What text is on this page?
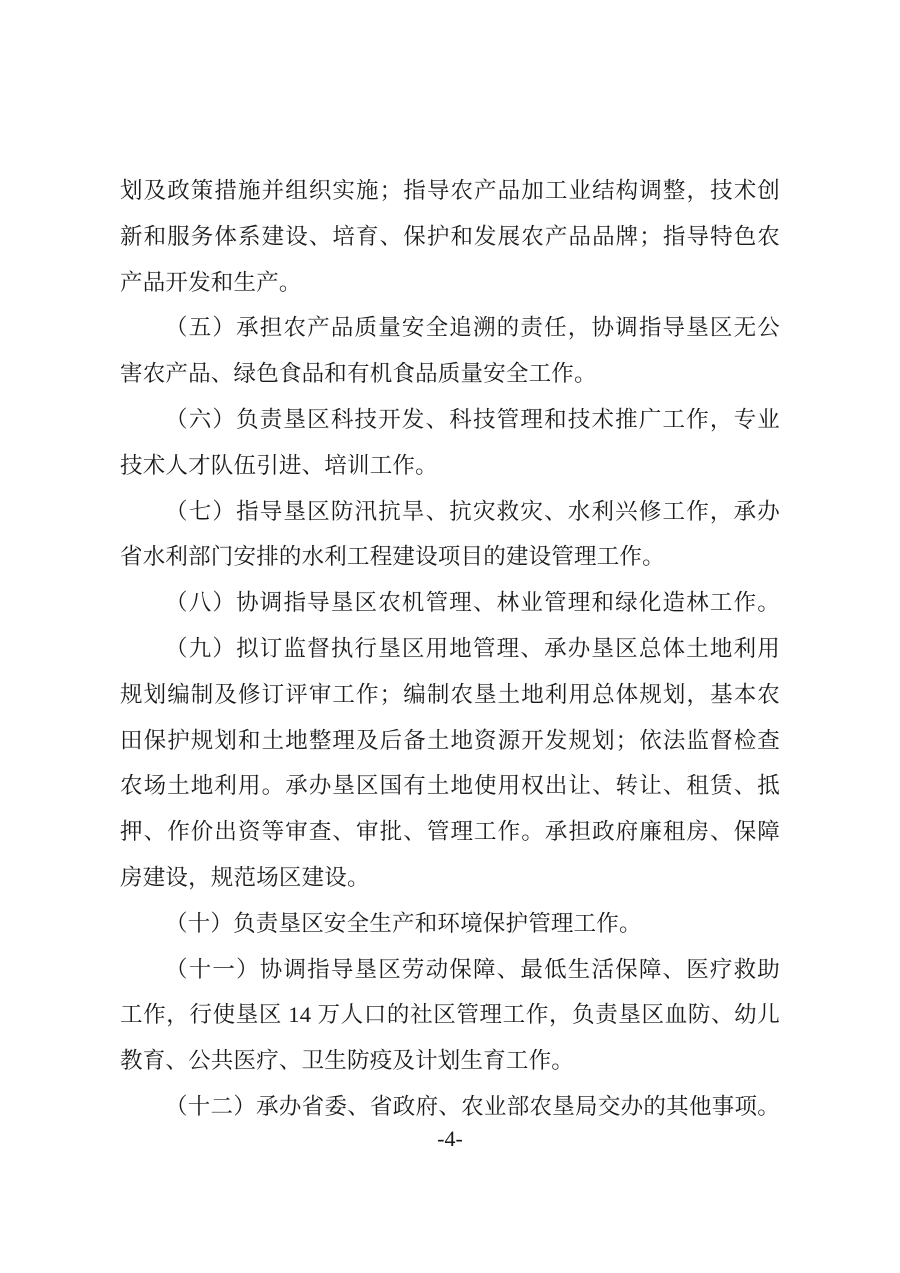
划及政策措施并组织实施；指导农产品加工业结构调整，技术创
新和服务体系建设、培育、保护和发展农产品品牌；指导特色农
产品开发和生产。
（五）承担农产品质量安全追溯的责任，协调指导垦区无公
害农产品、绿色食品和有机食品质量安全工作。
（六）负责垦区科技开发、科技管理和技术推广工作，专业
技术人才队伍引进、培训工作。
（七）指导垦区防汛抗旱、抗灾救灾、水利兴修工作，承办
省水利部门安排的水利工程建设项目的建设管理工作。
（八）协调指导垦区农机管理、林业管理和绿化造林工作。
（九）拟订监督执行垦区用地管理、承办垦区总体土地利用
规划编制及修订评审工作；编制农垦土地利用总体规划，基本农
田保护规划和土地整理及后备土地资源开发规划；依法监督检查
农场土地利用。承办垦区国有土地使用权出让、转让、租赁、抵
押、作价出资等审查、审批、管理工作。承担政府廉租房、保障
房建设，规范场区建设。
（十）负责垦区安全生产和环境保护管理工作。
（十一）协调指导垦区劳动保障、最低生活保障、医疗救助
工作，行使垦区 14 万人口的社区管理工作，负责垦区血防、幼儿
教育、公共医疗、卫生防疫及计划生育工作。
（十二）承办省委、省政府、农业部农垦局交办的其他事项。
-4-
